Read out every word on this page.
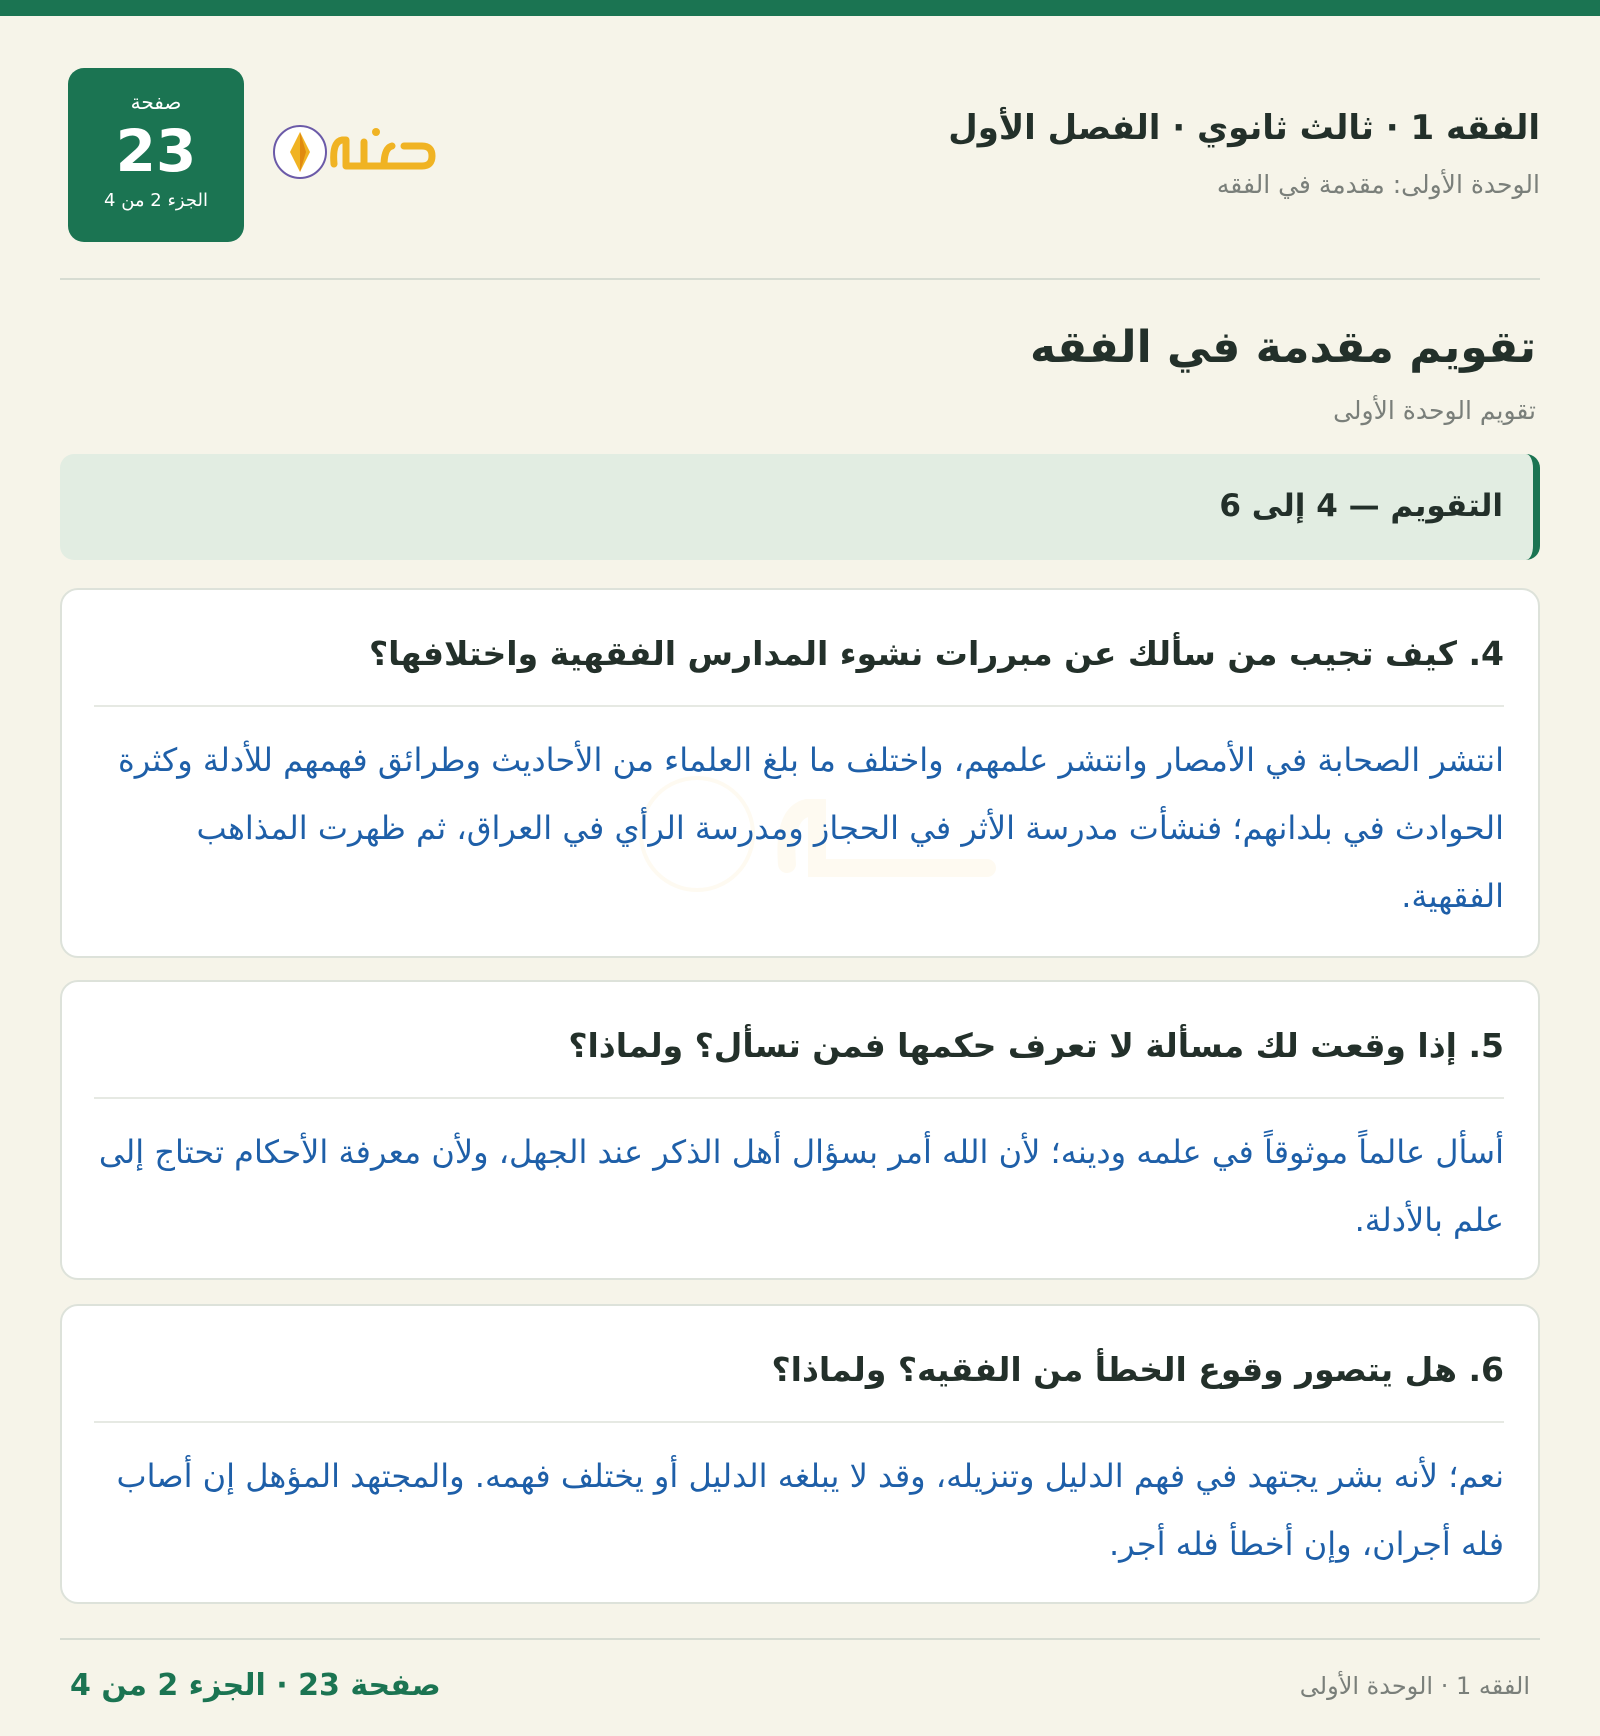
الفقه 1 · ثالث ثانوي · الفصل الأول
الوحدة الأولى: مقدمة في الفقه
صفحة
23
الجزء 2 من 4
تقويم مقدمة في الفقه
تقويم الوحدة الأولى
التقويم — 4 إلى 6
4. كيف تجيب من سألك عن مبررات نشوء المدارس الفقهية واختلافها؟

انتشر الصحابة في الأمصار وانتشر علمهم، واختلف ما بلغ العلماء من الأحاديث وطرائق فهمهم للأدلة وكثرة الحوادث في بلدانهم؛ فنشأت مدرسة الأثر في الحجاز ومدرسة الرأي في العراق، ثم ظهرت المذاهب الفقهية.

5. إذا وقعت لك مسألة لا تعرف حكمها فمن تسأل؟ ولماذا؟

أسأل عالماً موثوقاً في علمه ودينه؛ لأن الله أمر بسؤال أهل الذكر عند الجهل، ولأن معرفة الأحكام تحتاج إلى علم بالأدلة.

6. هل يتصور وقوع الخطأ من الفقيه؟ ولماذا؟

نعم؛ لأنه بشر يجتهد في فهم الدليل وتنزيله، وقد لا يبلغه الدليل أو يختلف فهمه. والمجتهد المؤهل إن أصاب فله أجران، وإن أخطأ فله أجر.

صفحة 23 · الجزء 2 من 4	الفقه 1 · الوحدة الأولى
